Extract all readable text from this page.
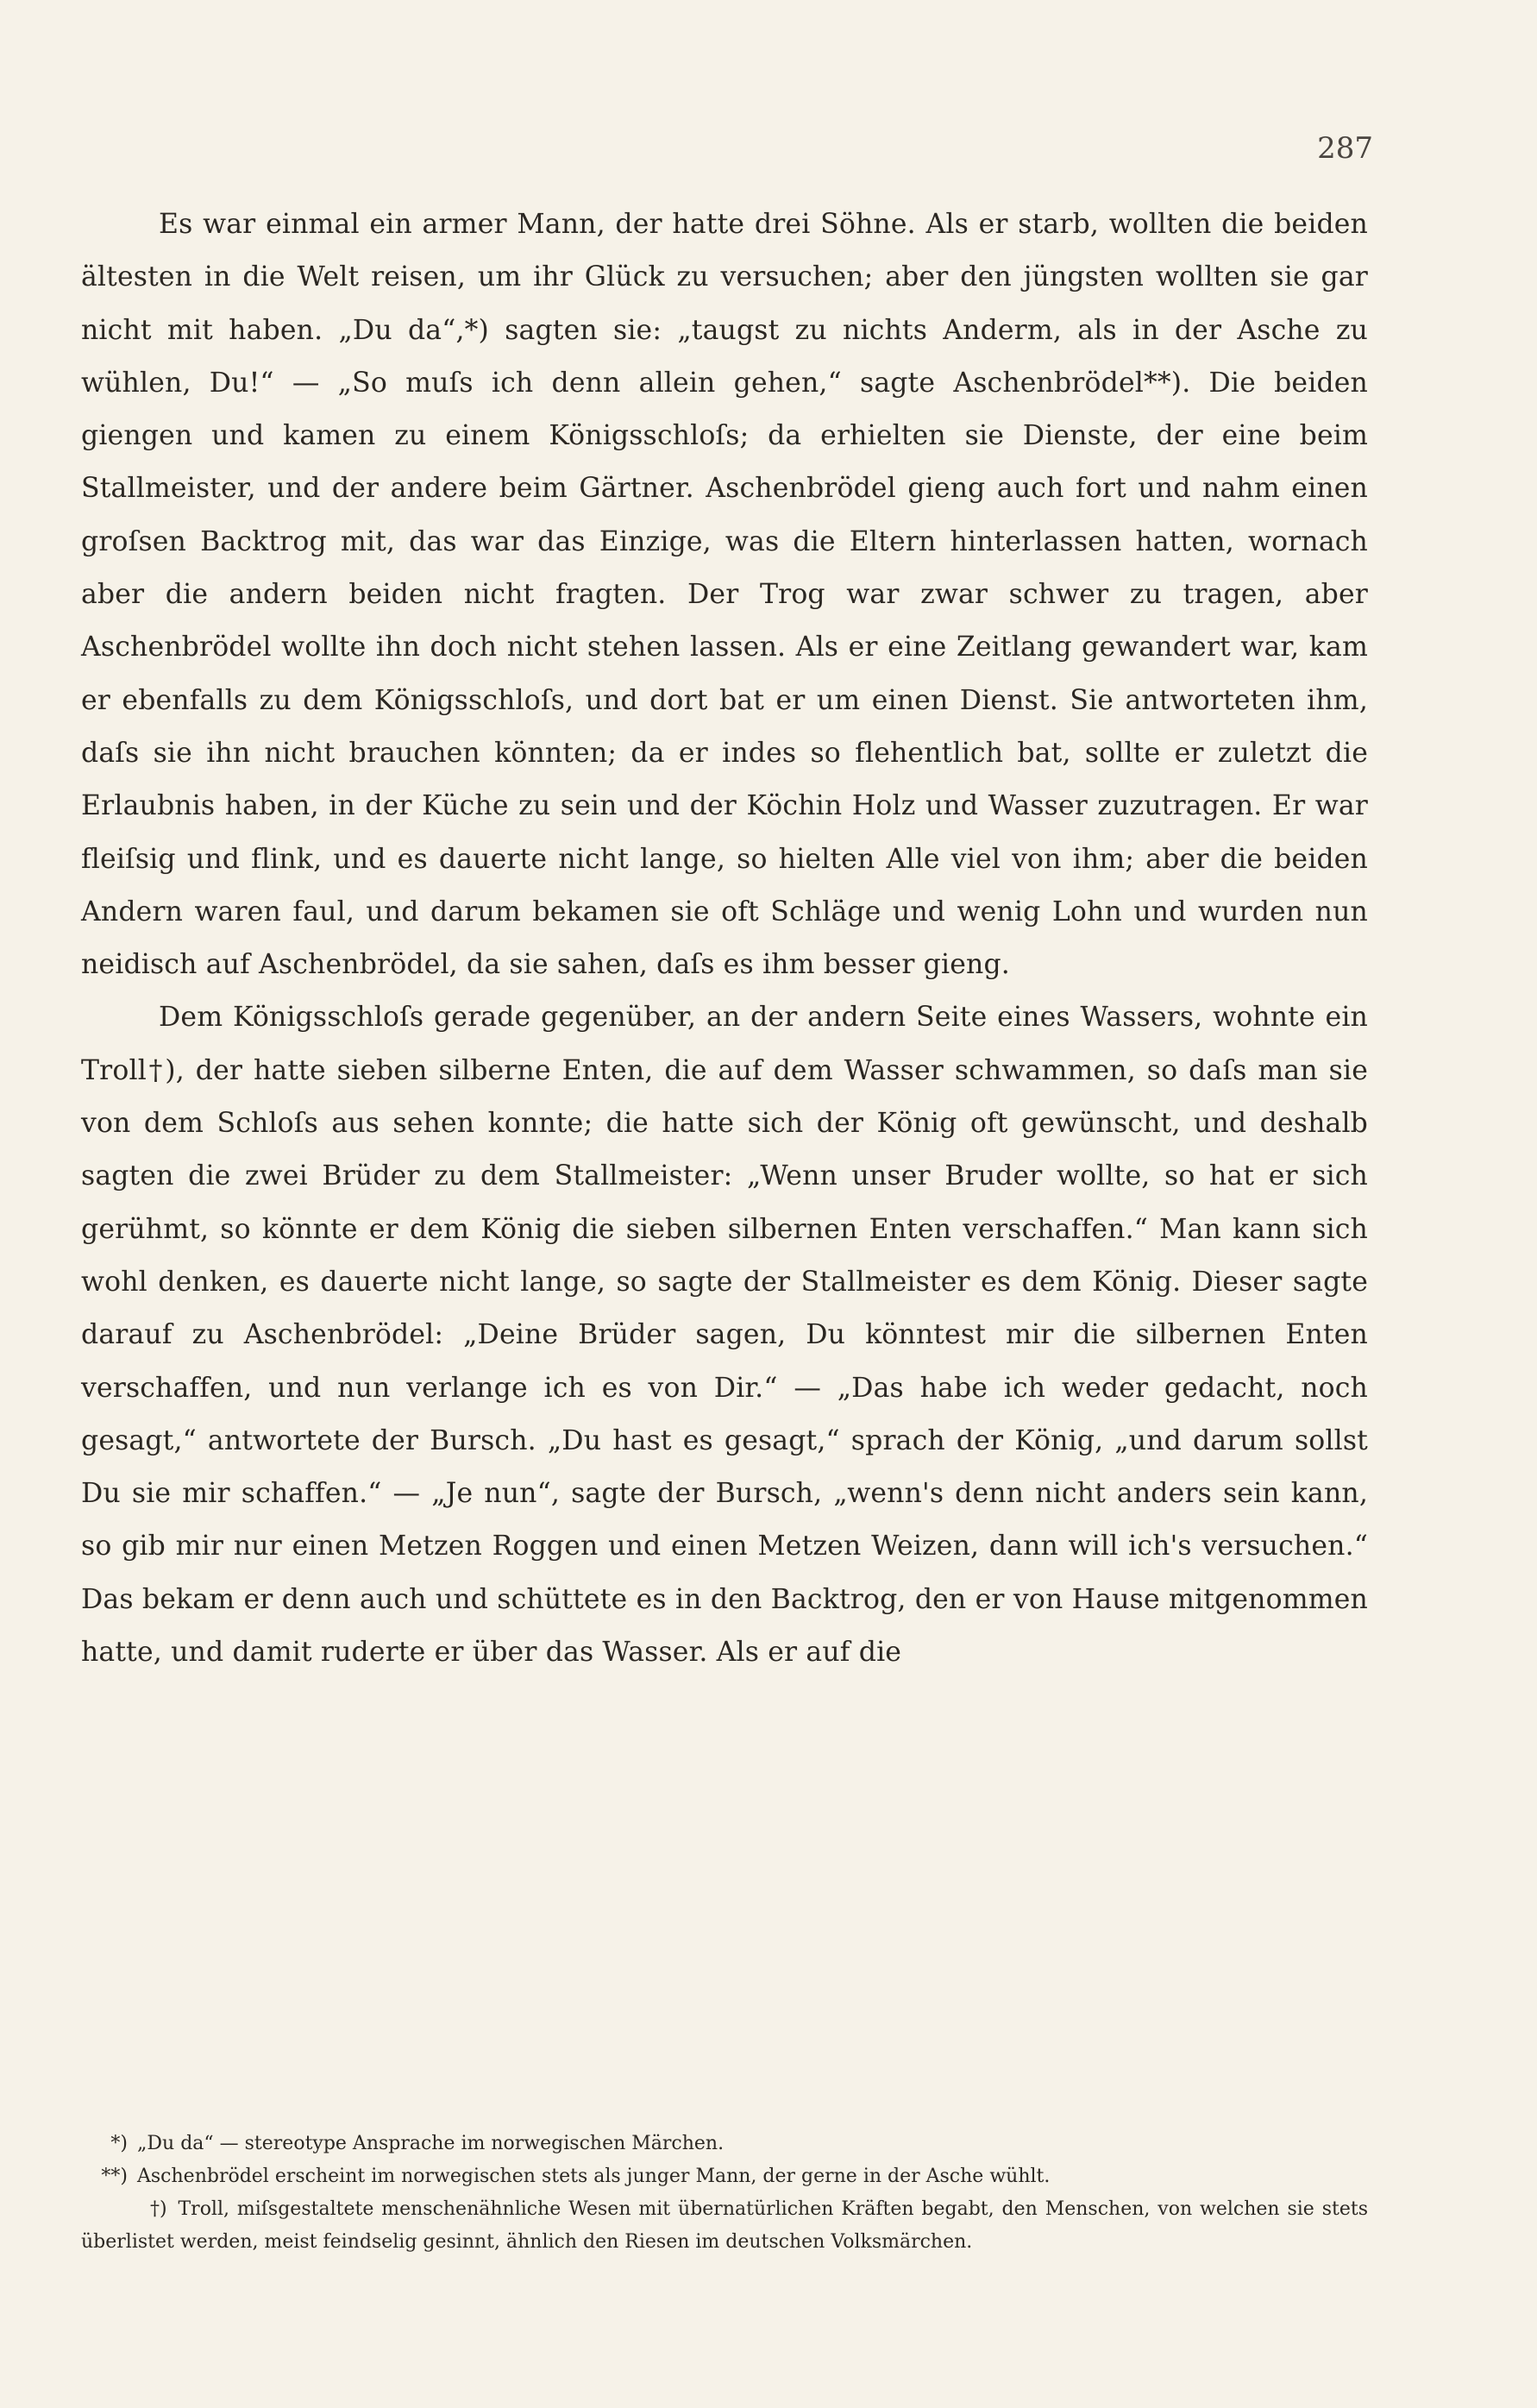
287

Es war einmal ein armer Mann, der hatte drei Söhne. Als er starb, wollten die beiden ältesten in die Welt reisen, um ihr Glück zu versuchen; aber den jüngsten wollten sie gar nicht mit haben. „Du da“,*) sagten sie: „taugst zu nichts Anderm, als in der Asche zu wühlen, Du!“ — „So muſs ich denn allein gehen,“ sagte Aschenbrödel**). Die beiden giengen und kamen zu einem Königsschloſs; da erhielten sie Dienste, der eine beim Stallmeister, und der andere beim Gärtner. Aschenbrödel gieng auch fort und nahm einen groſsen Backtrog mit, das war das Einzige, was die Eltern hinterlassen hatten, wornach aber die andern beiden nicht fragten. Der Trog war zwar schwer zu tragen, aber Aschenbrödel wollte ihn doch nicht stehen lassen. Als er eine Zeitlang gewandert war, kam er ebenfalls zu dem Königsschloſs, und dort bat er um einen Dienst. Sie antworteten ihm, daſs sie ihn nicht brauchen könnten; da er indes so flehentlich bat, sollte er zuletzt die Erlaubnis haben, in der Küche zu sein und der Köchin Holz und Wasser zuzutragen. Er war fleiſsig und flink, und es dauerte nicht lange, so hielten Alle viel von ihm; aber die beiden Andern waren faul, und darum bekamen sie oft Schläge und wenig Lohn und wurden nun neidisch auf Aschenbrödel, da sie sahen, daſs es ihm besser gieng.

Dem Königsschloſs gerade gegenüber, an der andern Seite eines Wassers, wohnte ein Troll†), der hatte sieben silberne Enten, die auf dem Wasser schwammen, so daſs man sie von dem Schloſs aus sehen konnte; die hatte sich der König oft gewünscht, und deshalb sagten die zwei Brüder zu dem Stallmeister: „Wenn unser Bruder wollte, so hat er sich gerühmt, so könnte er dem König die sieben silbernen Enten verschaffen.“ Man kann sich wohl denken, es dauerte nicht lange, so sagte der Stallmeister es dem König. Dieser sagte darauf zu Aschenbrödel: „Deine Brüder sagen, Du könntest mir die silbernen Enten verschaffen, und nun verlange ich es von Dir.“ — „Das habe ich weder gedacht, noch gesagt,“ antwortete der Bursch. „Du hast es gesagt,“ sprach der König, „und darum sollst Du sie mir schaffen.“ — „Je nun“, sagte der Bursch, „wenn's denn nicht anders sein kann, so gib mir nur einen Metzen Roggen und einen Metzen Weizen, dann will ich's versuchen.“ Das bekam er denn auch und schüttete es in den Backtrog, den er von Hause mitgenommen hatte, und damit ruderte er über das Wasser. Als er auf die

*) „Du da“ — stereotype Ansprache im norwegischen Märchen.

**) Aschenbrödel erscheint im norwegischen stets als junger Mann, der gerne in der Asche wühlt.

†) Troll, miſsgestaltete menschenähnliche Wesen mit übernatürlichen Kräften begabt, den Menschen, von welchen sie stets überlistet werden, meist feindselig gesinnt, ähnlich den Riesen im deutschen Volksmärchen.
